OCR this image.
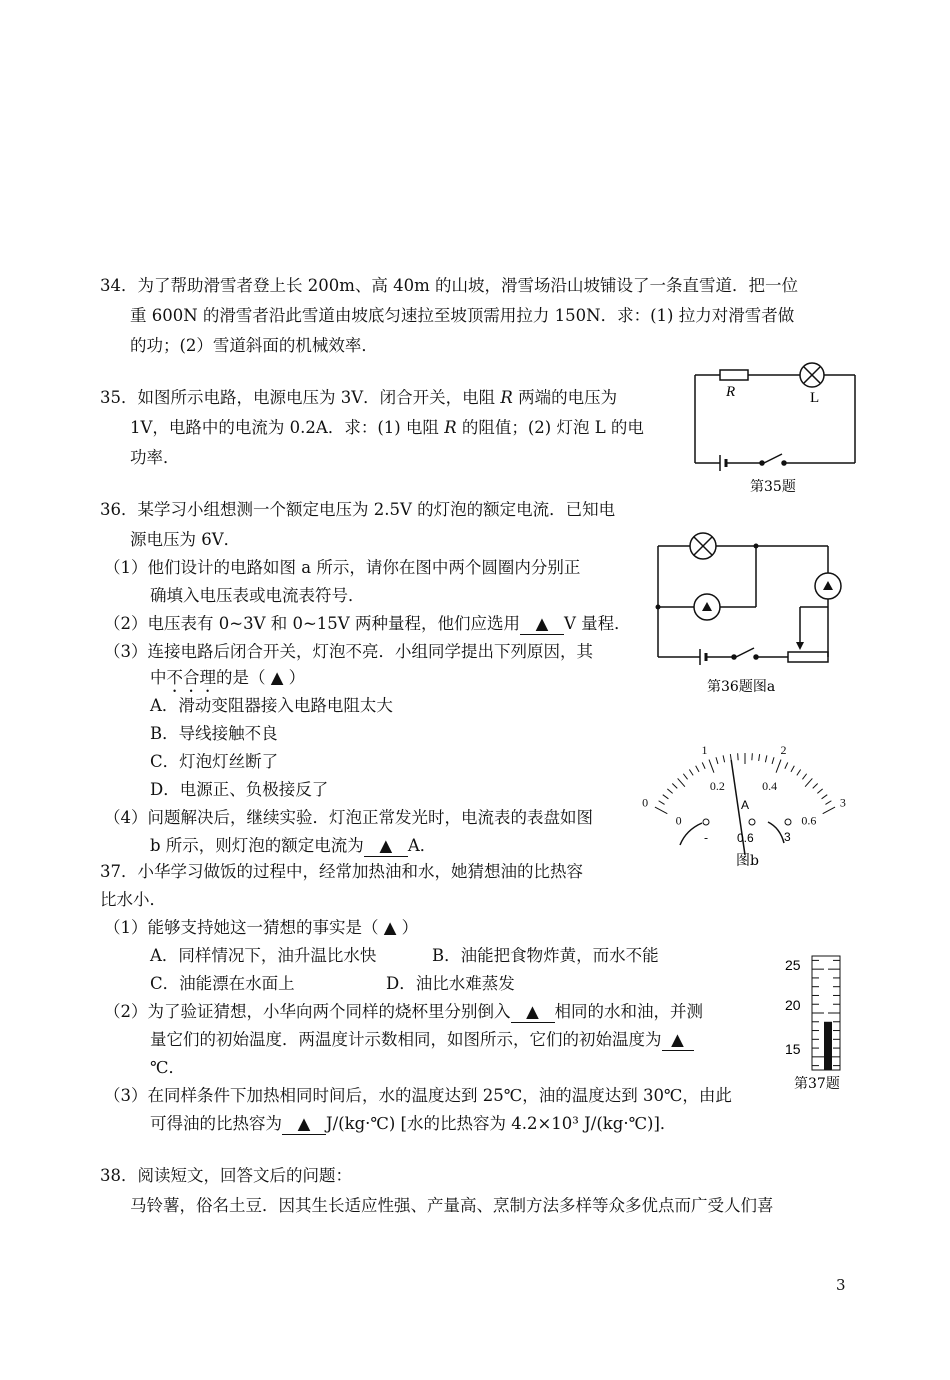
34．为了帮助滑雪者登上长 200m、高 40m 的山坡，滑雪场沿山坡铺设了一条直雪道．把一位
重 600N 的滑雪者沿此雪道由坡底匀速拉至坡顶需用拉力 150N．求：(1) 拉力对滑雪者做
的功；(2）雪道斜面的机械效率．
35．如图所示电路，电源电压为 3V．闭合开关，电阻 R 两端的电压为
1V，电路中的电流为 0.2A．求：(1) 电阻 R 的阻值；(2) 灯泡 L 的电
功率．
R	L
第35题
36．某学习小组想测一个额定电压为 2.5V 的灯泡的额定电流．已知电
源电压为 6V．
（1）他们设计的电路如图 a 所示，请你在图中两个圆圈内分别正
确填入电压表或电流表符号．
（2）电压表有 0~3V 和 0~15V 两种量程，他们应选用 ▲ V 量程．
（3）连接电路后闭合开关，灯泡不亮．小组同学提出下列原因，其
中不合理的是（ ▲ ）
A．滑动变阻器接入电路电阻太大
B．导线接触不良
C．灯泡灯丝断了
D．电源正、负极接反了
（4）问题解决后，继续实验．灯泡正常发光时，电流表的表盘如图
b 所示，则灯泡的额定电流为 ▲ A．
第36题图a
0
1	2
3
0
0.2	0.4
0.6
A
- 0.6	3
图b
37．小华学习做饭的过程中，经常加热油和水，她猜想油的比热容
比水小．
（1）能够支持她这一猜想的事实是（ ▲ ）
A．同样情况下，油升温比水快	B．油能把食物炸黄，而水不能
C．油能漂在水面上	D．油比水难蒸发
（2）为了验证猜想，小华向两个同样的烧杯里分别倒入 ▲ 相同的水和油，并测
量它们的初始温度．两温度计示数相同，如图所示，它们的初始温度为 ▲
℃．
（3）在同样条件下加热相同时间后，水的温度达到 25℃，油的温度达到 30℃，由此
可得油的比热容为 ▲ J/(kg·℃) [水的比热容为 4.2×10³ J/(kg·℃)]．
25
20
15
第37题
38．阅读短文，回答文后的问题：
马铃薯，俗名土豆．因其生长适应性强、产量高、烹制方法多样等众多优点而广受人们喜
3
